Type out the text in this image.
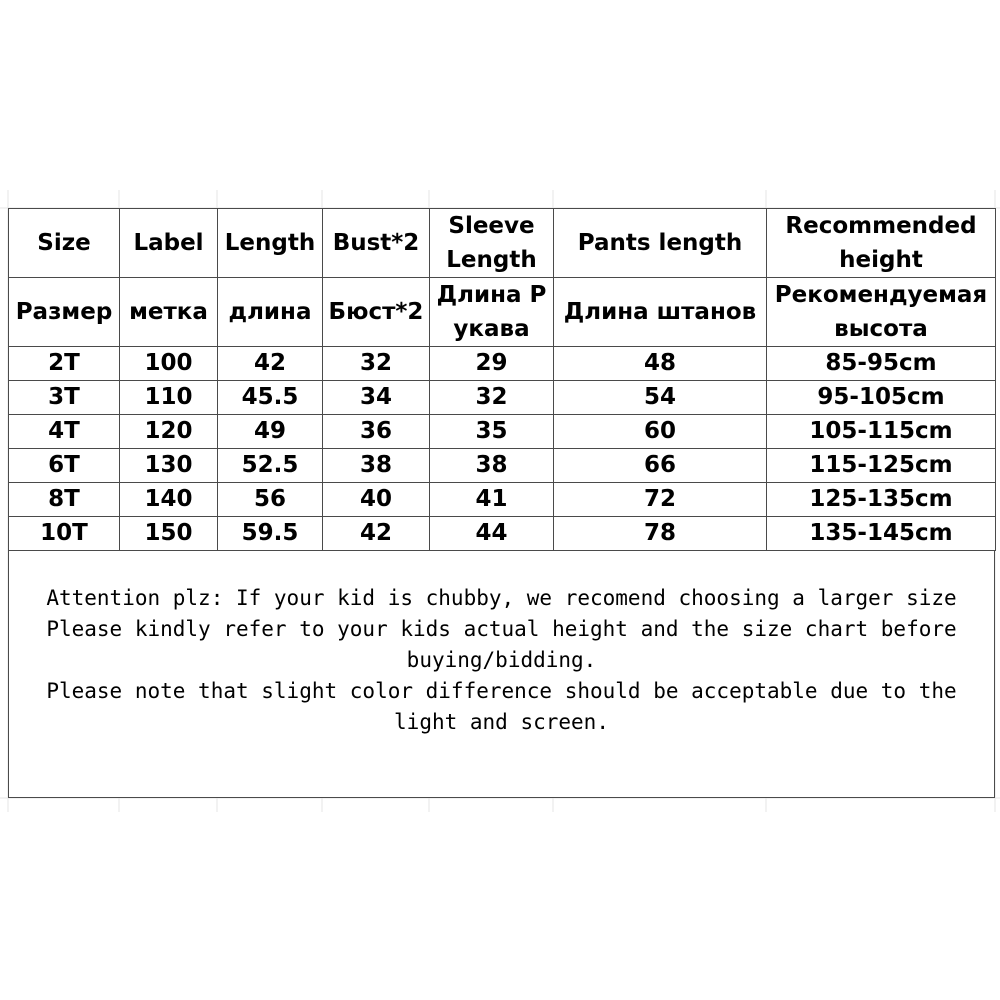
Size	Label	Length	Bust*2	Sleeve Length	Pants length	Recommended height
Размер	метка	длина	Бюст*2	Длина Р укава	Длина штанов	Рекомендуемая высота
2T	100	42	32	29	48	85-95cm
3T	110	45.5	34	32	54	95-105cm
4T	120	49	36	35	60	105-115cm
6T	130	52.5	38	38	66	115-125cm
8T	140	56	40	41	72	125-135cm
10T	150	59.5	42	44	78	135-145cm
Attention plz: If your kid is chubby, we recomend choosing a larger size
Please kindly refer to your kids actual height and the size chart before buying/bidding.
Please note that slight color difference should be acceptable due to the light and screen.
